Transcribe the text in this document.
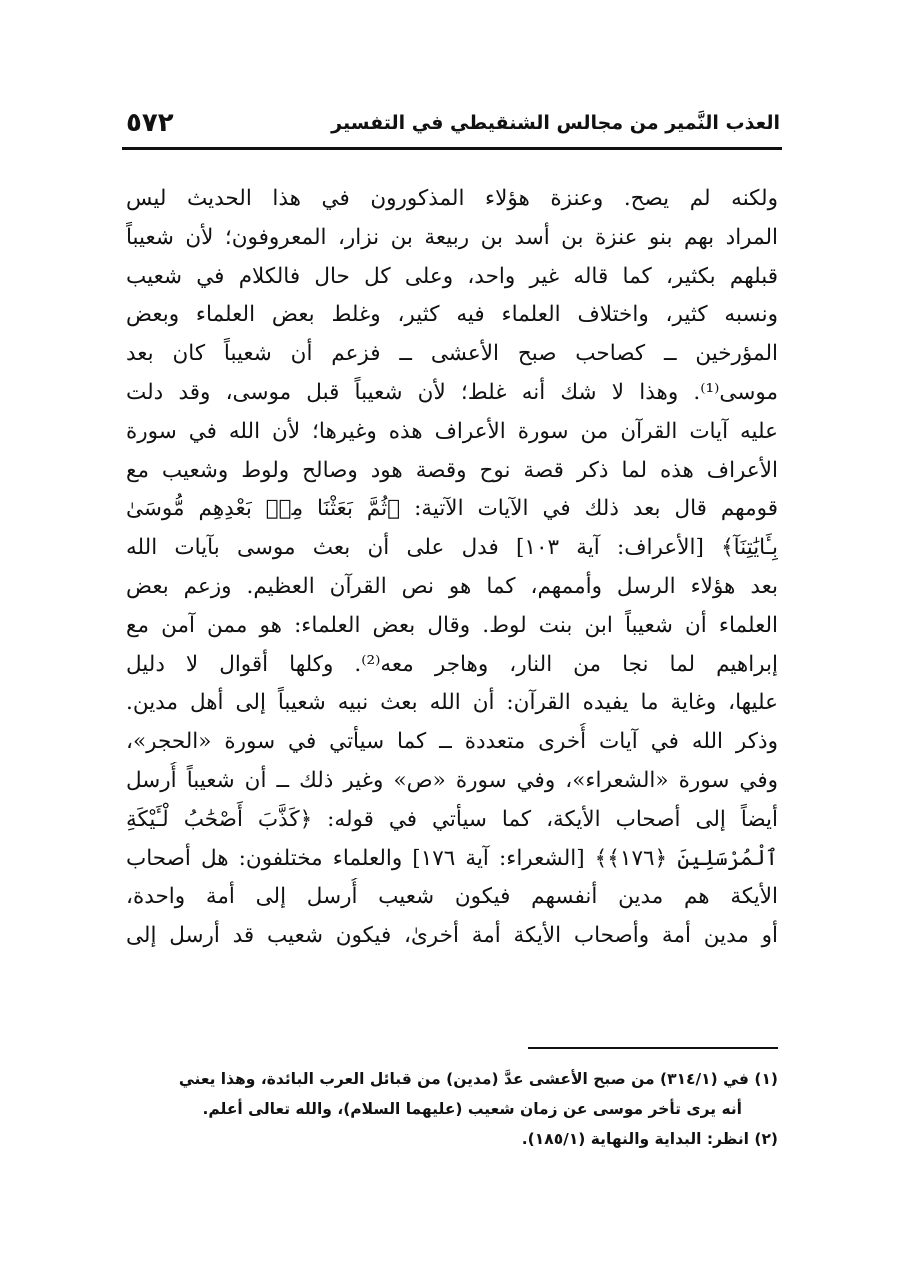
العذب النَّمير من مجالس الشنقيطي في التفسير
٥٧٢
ولكنه لم يصح. وعنزة هؤلاء المذكورون في هذا الحديث ليس
المراد بهم بنو عنزة بن أسد بن ربيعة بن نزار، المعروفون؛ لأن شعيباً
قبلهم بكثير، كما قاله غير واحد، وعلى كل حال فالكلام في شعيب
ونسبه كثير، واختلاف العلماء فيه كثير، وغلط بعض العلماء وبعض
المؤرخين ــ كصاحب صبح الأعشى ــ فزعم أن شعيباً كان بعد
موسى⁽¹⁾. وهذا لا شك أنه غلط؛ لأن شعيباً قبل موسى، وقد دلت
عليه آيات القرآن من سورة الأعراف هذه وغيرها؛ لأن الله في سورة
الأعراف هذه لما ذكر قصة نوح وقصة هود وصالح ولوط وشعيب مع
قومهم قال بعد ذلك في الآيات الآتية: ﴿ثُمَّ بَعَثْنَا مِنۢ بَعْدِهِم مُّوسَىٰ
بِـَٔايَٰتِنَآ﴾ [الأعراف: آية ١٠٣] فدل على أن بعث موسى بآيات الله
بعد هؤلاء الرسل وأممهم، كما هو نص القرآن العظيم. وزعم بعض
العلماء أن شعيباً ابن بنت لوط. وقال بعض العلماء: هو ممن آمن مع
إبراهيم لما نجا من النار، وهاجر معه⁽²⁾. وكلها أقوال لا دليل
عليها، وغاية ما يفيده القرآن: أن الله بعث نبيه شعيباً إلى أهل مدين.
وذكر الله في آيات أُخرى متعددة ــ كما سيأتي في سورة «الحجر»،
وفي سورة «الشعراء»، وفي سورة «ص» وغير ذلك ــ أن شعيباً أُرسل
أيضاً إلى أصحاب الأيكة، كما سيأتي في قوله: ﴿كَذَّبَ أَصْحَٰبُ لْـَٔيْكَةِ
ٱلْمُرْسَلِينَ ﴿١٧٦﴾﴾ [الشعراء: آية ١٧٦] والعلماء مختلفون: هل أصحاب
الأيكة هم مدين أنفسهم فيكون شعيب أُرسل إلى أمة واحدة،
أو مدين أمة وأصحاب الأيكة أمة أخرىٰ، فيكون شعيب قد أرسل إلى
(١) في (٣١٤/١) من صبح الأعشى عدَّ (مدين) من قبائل العرب البائدة، وهذا يعني
أنه يرى تأخر موسى عن زمان شعيب (عليهما السلام)، والله تعالى أعلم.
(٢) انظر: البداية والنهاية (١٨٥/١).
